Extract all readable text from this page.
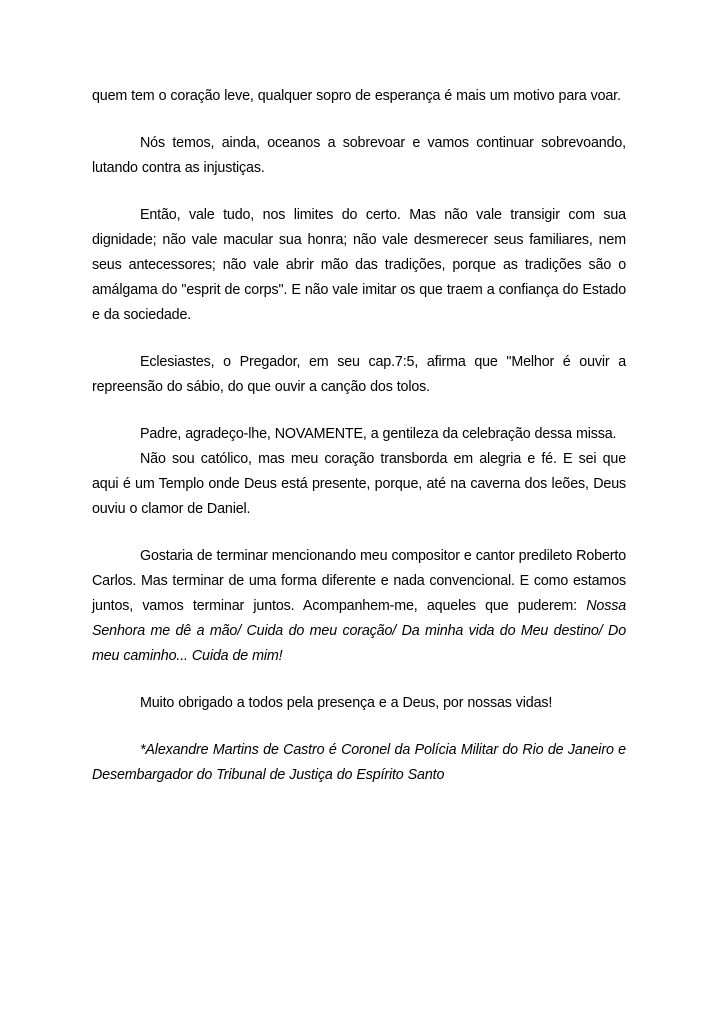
quem tem o coração leve, qualquer sopro de esperança é mais um motivo para voar.

Nós temos, ainda, oceanos a sobrevoar e vamos continuar sobrevoando, lutando contra as injustiças.

Então, vale tudo, nos limites do certo. Mas não vale transigir com sua dignidade; não vale macular sua honra; não vale desmerecer seus familiares, nem seus antecessores; não vale abrir mão das tradições, porque as tradições são o amálgama do "esprit de corps". E não vale imitar os que traem a confiança do Estado e da sociedade.

Eclesiastes, o Pregador, em seu cap.7:5, afirma que "Melhor é ouvir a repreensão do sábio, do que ouvir a canção dos tolos.

Padre, agradeço-lhe, NOVAMENTE, a gentileza da celebração dessa missa.

Não sou católico, mas meu coração transborda em alegria e fé. E sei que aqui é um Templo onde Deus está presente, porque, até na caverna dos leões, Deus ouviu o clamor de Daniel.

Gostaria de terminar mencionando meu compositor e cantor predileto Roberto Carlos. Mas terminar de uma forma diferente e nada convencional. E como estamos juntos, vamos terminar juntos. Acompanhem-me, aqueles que puderem: Nossa Senhora me dê a mão/ Cuida do meu coração/ Da minha vida do Meu destino/ Do meu caminho... Cuida de mim!

Muito obrigado a todos pela presença e a Deus, por nossas vidas!

*Alexandre Martins de Castro é Coronel da Polícia Militar do Rio de Janeiro e Desembargador do Tribunal de Justiça do Espírito Santo
